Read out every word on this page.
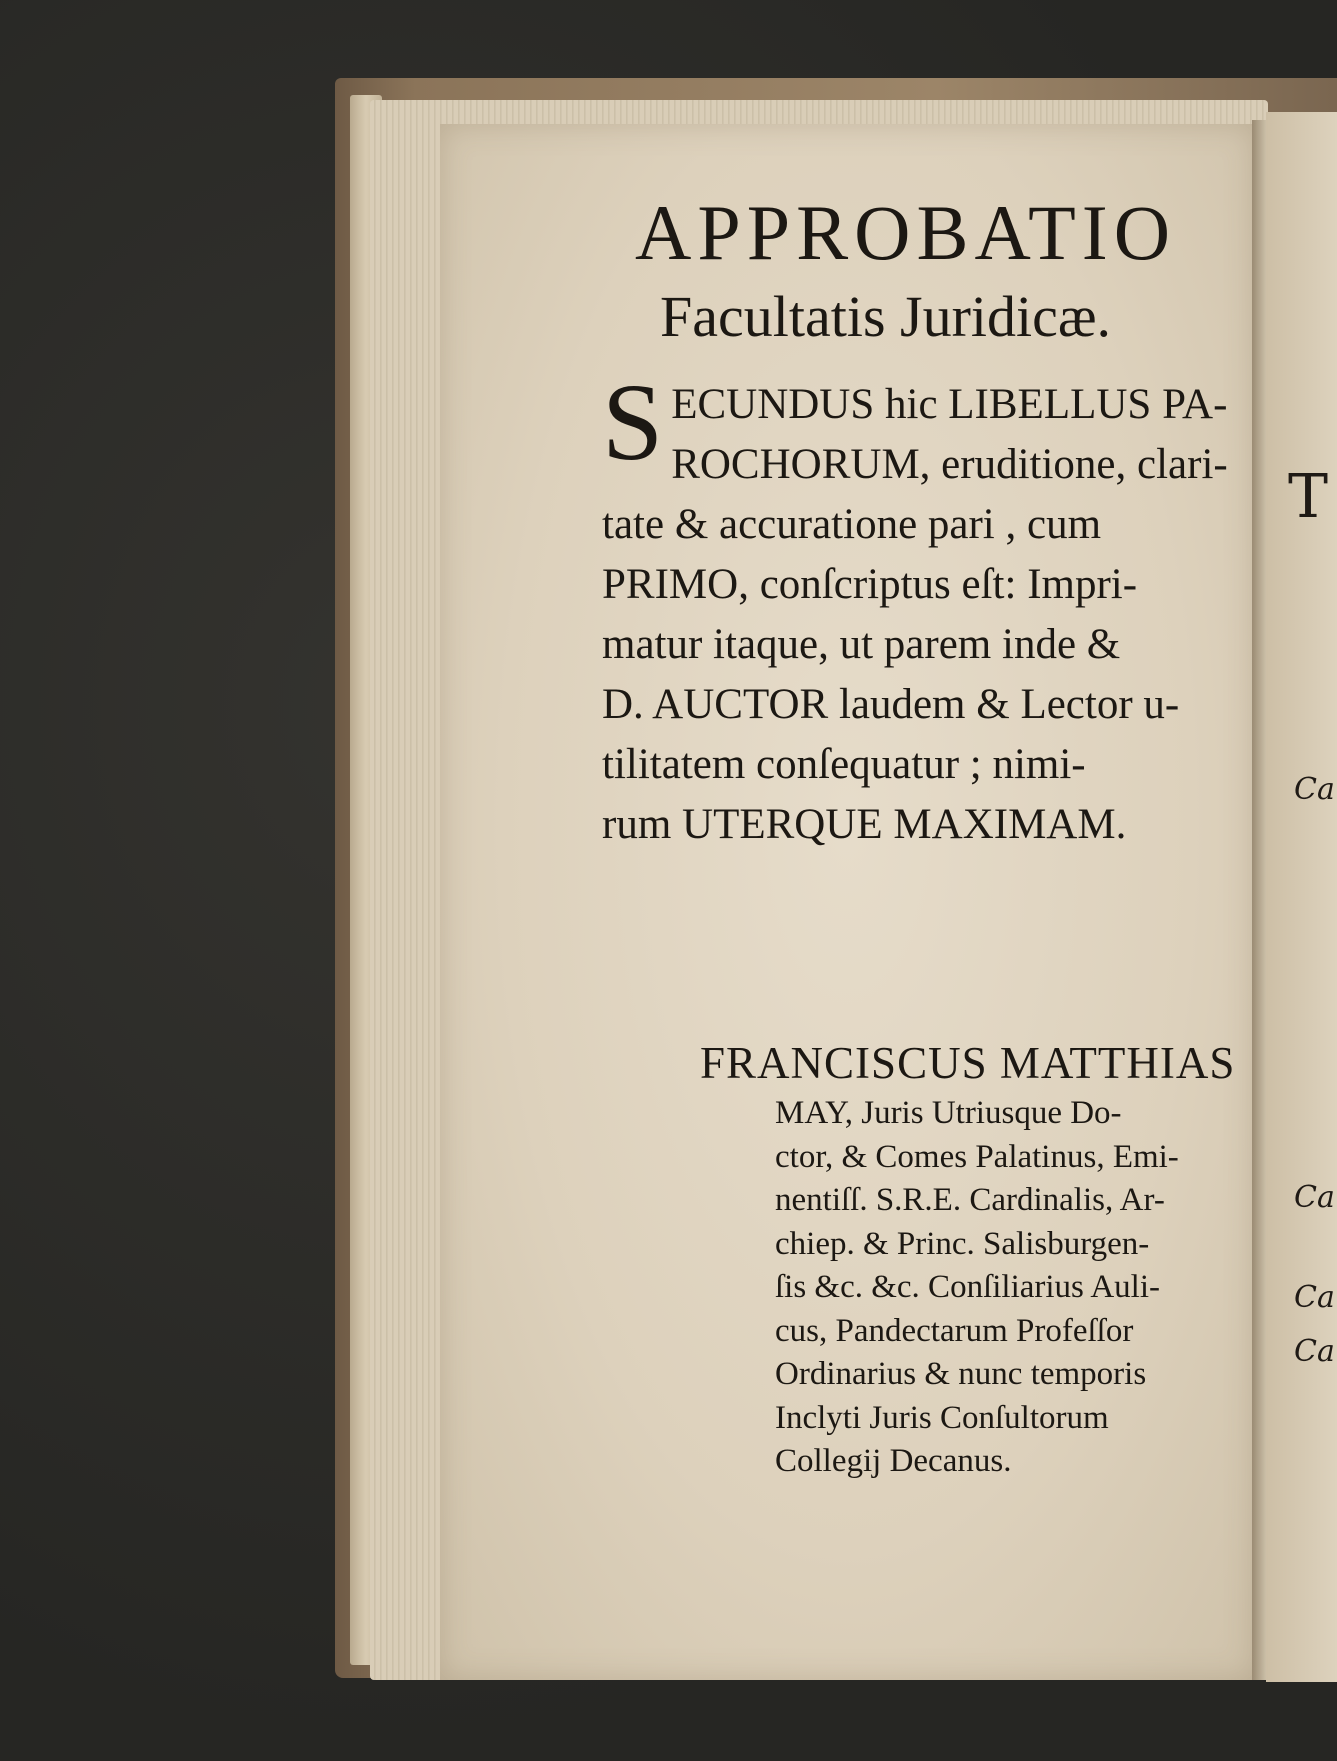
T
Ca
Ca
Ca
Ca
APPROBATIO
Facultatis Juridicæ.
S ECUNDUS hic LIBELLUS PA-
ROCHORUM, eruditione, clari-
tate & accuratione pari , cum
PRIMO, conſcriptus eſt: Impri-
matur itaque, ut parem inde &
D. AUCTOR laudem & Lector u-
tilitatem conſequatur ; nimi-
rum UTERQUE MAXIMAM.
FRANCISCUS MATTHIAS
MAY, Juris Utriusque Do-
ctor, & Comes Palatinus, Emi-
nentiſſ. S.R.E. Cardinalis, Ar-
chiep. & Princ. Salisburgen-
ſis &c. &c. Conſiliarius Auli-
cus, Pandectarum Profeſſor
Ordinarius & nunc temporis
Inclyti Juris Conſultorum
Collegij Decanus.
